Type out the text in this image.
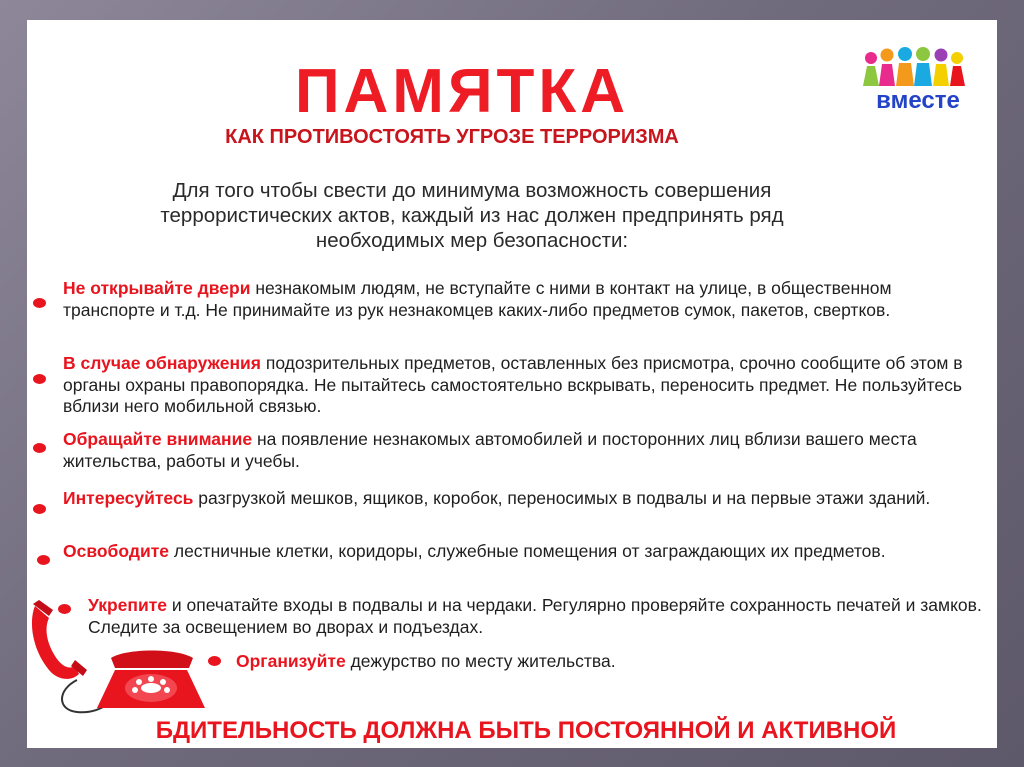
ПАМЯТКА
КАК ПРОТИВОСТОЯТЬ УГРОЗЕ ТЕРРОРИЗМА
вместе
Для того чтобы свести до минимума возможность совершения террористических актов, каждый из нас должен предпринять ряд необходимых мер безопасности:
Не открывайте двери незнакомым людям, не вступайте с ними в контакт на улице, в общественном транспорте и т.д. Не принимайте из рук незнакомцев каких-либо предметов сумок, пакетов, свертков.
В случае обнаружения подозрительных предметов, оставленных без присмотра, срочно сообщите об этом в органы охраны правопорядка. Не пытайтесь самостоятельно вскрывать, переносить предмет. Не пользуйтесь вблизи него мобильной связью.
Обращайте внимание на появление незнакомых автомобилей и посторонних лиц вблизи вашего места жительства, работы и учебы.
Интересуйтесь разгрузкой мешков, ящиков, коробок, переносимых в подвалы и на первые этажи зданий.
Освободите лестничные клетки, коридоры, служебные помещения от заграждающих их предметов.
Укрепите и опечатайте входы в подвалы и на чердаки. Регулярно проверяйте сохранность печатей и замков. Следите за освещением во дворах и подъездах.
Организуйте дежурство по месту жительства.
БДИТЕЛЬНОСТЬ ДОЛЖНА БЫТЬ ПОСТОЯННОЙ И АКТИВНОЙ
